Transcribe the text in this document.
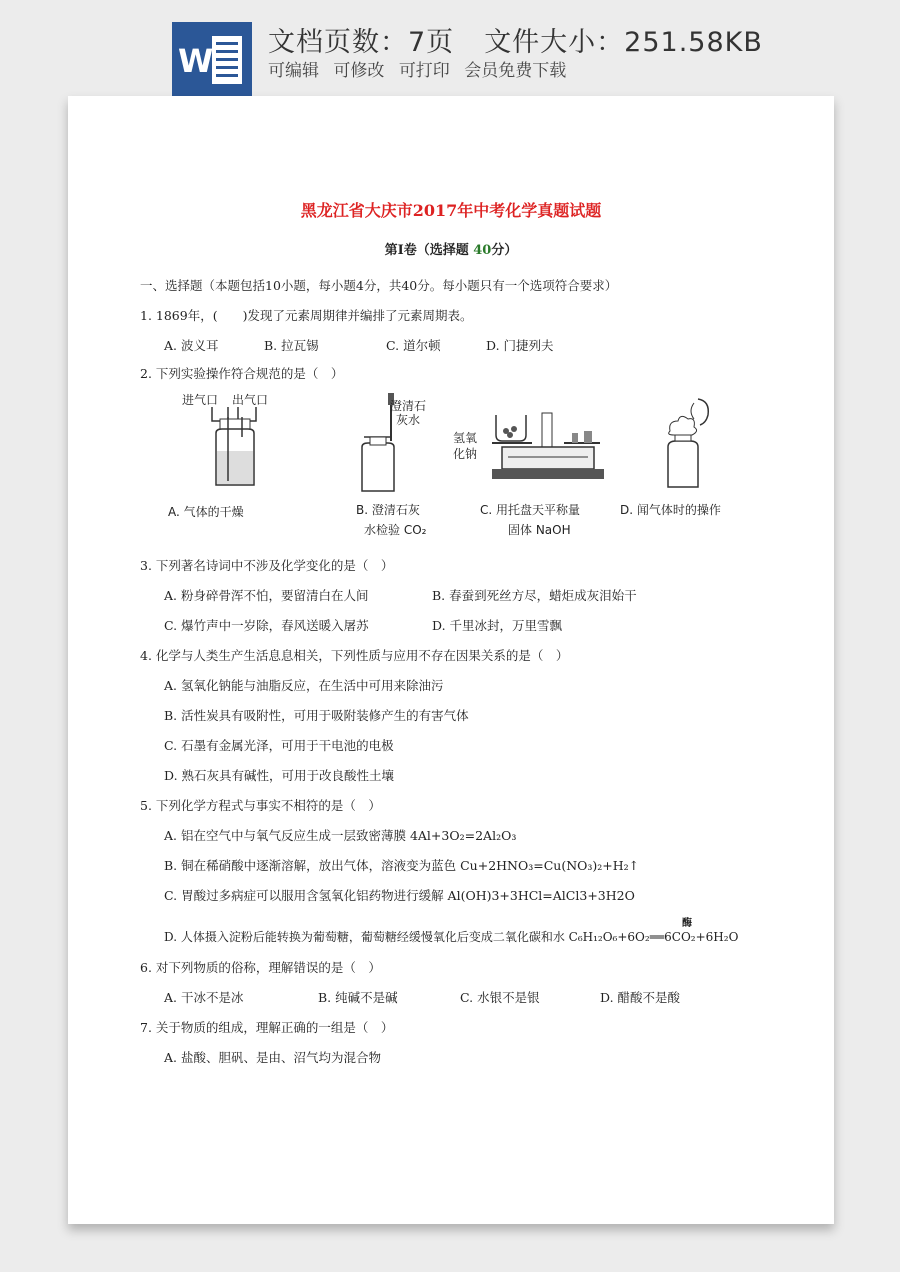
W 文档页数：7页 文件大小：251.58KB
可编辑 可修改 可打印 会员免费下载
黑龙江省大庆市2017年中考化学真题试题
第Ⅰ卷（选择题 40分）
一、选择题（本题包括10小题，每小题4分，共40分。每小题只有一个选项符合要求）
1. 1869年，(　　)发现了元素周期律并编排了元素周期表。
A. 波义耳	B. 拉瓦锡	C. 道尔顿	D. 门捷列夫
2. 下列实验操作符合规范的是（　）
进气口 出气口
A. 气体的干燥
澄清石
灰水
B. 澄清石灰
水检验 CO₂
氢氧
化钠
C. 用托盘天平称量
固体 NaOH
D. 闻气体时的操作
3. 下列著名诗词中不涉及化学变化的是（　）
A. 粉身碎骨浑不怕，要留清白在人间	B. 春蚕到死丝方尽，蜡炬成灰泪始干
C. 爆竹声中一岁除，春风送暖入屠苏	D. 千里冰封，万里雪飘
4. 化学与人类生产生活息息相关，下列性质与应用不存在因果关系的是（　）
A. 氢氧化钠能与油脂反应，在生活中可用来除油污
B. 活性炭具有吸附性，可用于吸附装修产生的有害气体
C. 石墨有金属光泽，可用于干电池的电极
D. 熟石灰具有碱性，可用于改良酸性土壤
5. 下列化学方程式与事实不相符的是（　）
A. 铝在空气中与氧气反应生成一层致密薄膜 4Al+3O₂=2Al₂O₃
B. 铜在稀硝酸中逐渐溶解，放出气体，溶液变为蓝色 Cu+2HNO₃=Cu(NO₃)₂+H₂↑
C. 胃酸过多病症可以服用含氢氧化铝药物进行缓解 Al(OH)3+3HCl=AlCl3+3H2O
酶
D. 人体摄入淀粉后能转换为葡萄糖，葡萄糖经缓慢氧化后变成二氧化碳和水 C₆H₁₂O₆+6O₂══6CO₂+6H₂O
6. 对下列物质的俗称，理解错误的是（　）
A. 干冰不是冰	B. 纯碱不是碱	C. 水银不是银	D. 醋酸不是酸
7. 关于物质的组成，理解正确的一组是（　）
A. 盐酸、胆矾、是由、沼气均为混合物
